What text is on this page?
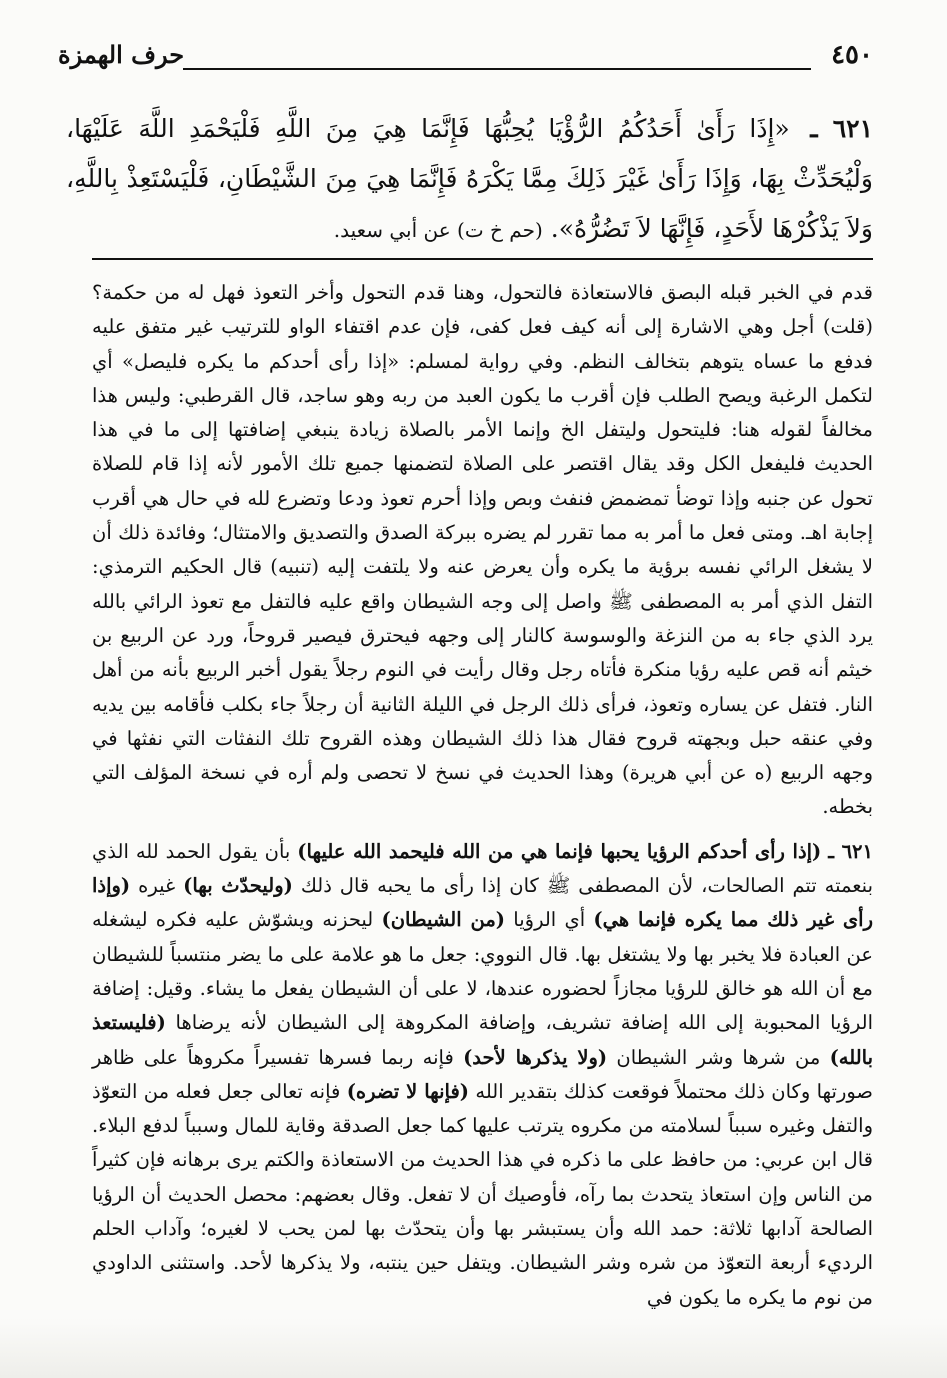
٤٥٠
حرف الهمزة
٦٢١ ـ «إِذَا رَأَىٰ أَحَدُكُمُ الرُّؤْيَا يُحِبُّهَا فَإِنَّمَا هِيَ مِنَ اللَّهِ فَلْيَحْمَدِ اللَّهَ عَلَيْهَا، وَلْيُحَدِّثْ بِهَا، وَإِذَا رَأَىٰ غَيْرَ ذَلِكَ مِمَّا يَكْرَهُ فَإِنَّمَا هِيَ مِنَ الشَّيْطَانِ، فَلْيَسْتَعِذْ بِاللَّهِ، وَلاَ يَذْكُرْهَا لأَحَدٍ، فَإِنَّهَا لاَ تَضُرُّهُ». (حم خ ت) عن أبي سعيد.

قدم في الخبر قبله البصق فالاستعاذة فالتحول، وهنا قدم التحول وأخر التعوذ فهل له من حكمة؟ (قلت) أجل وهي الاشارة إلى أنه كيف فعل كفى، فإن عدم اقتفاء الواو للترتيب غير متفق عليه فدفع ما عساه يتوهم بتخالف النظم. وفي رواية لمسلم: «إذا رأى أحدكم ما يكره فليصل» أي لتكمل الرغبة ويصح الطلب فإن أقرب ما يكون العبد من ربه وهو ساجد، قال القرطبي: وليس هذا مخالفاً لقوله هنا: فليتحول وليتفل الخ وإنما الأمر بالصلاة زيادة ينبغي إضافتها إلى ما في هذا الحديث فليفعل الكل وقد يقال اقتصر على الصلاة لتضمنها جميع تلك الأمور لأنه إذا قام للصلاة تحول عن جنبه وإذا توضأ تمضمض فنفث وبص وإذا أحرم تعوذ ودعا وتضرع لله في حال هي أقرب إجابة اهـ. ومتى فعل ما أمر به مما تقرر لم يضره ببركة الصدق والتصديق والامتثال؛ وفائدة ذلك أن لا يشغل الرائي نفسه برؤية ما يكره وأن يعرض عنه ولا يلتفت إليه (تنبيه) قال الحكيم الترمذي: التفل الذي أمر به المصطفى ﷺ واصل إلى وجه الشيطان واقع عليه فالتفل مع تعوذ الرائي بالله يرد الذي جاء به من النزغة والوسوسة كالنار إلى وجهه فيحترق فيصير قروحاً، ورد عن الربيع بن خيثم أنه قص عليه رؤيا منكرة فأتاه رجل وقال رأيت في النوم رجلاً يقول أخبر الربيع بأنه من أهل النار. فتفل عن يساره وتعوذ، فرأى ذلك الرجل في الليلة الثانية أن رجلاً جاء بكلب فأقامه بين يديه وفي عنقه حبل وبجهته قروح فقال هذا ذلك الشيطان وهذه القروح تلك النفثات التي نفثها في وجهه الربيع (ه عن أبي هريرة) وهذا الحديث في نسخ لا تحصى ولم أره في نسخة المؤلف التي بخطه.

٦٢١ ـ (إذا رأى أحدكم الرؤيا يحبها فإنما هي من الله فليحمد الله عليها) بأن يقول الحمد لله الذي بنعمته تتم الصالحات، لأن المصطفى ﷺ كان إذا رأى ما يحبه قال ذلك (وليحدّث بها) غيره (وإذا رأى غير ذلك مما يكره فإنما هي) أي الرؤيا (من الشيطان) ليحزنه ويشوّش عليه فكره ليشغله عن العبادة فلا يخبر بها ولا يشتغل بها. قال النووي: جعل ما هو علامة على ما يضر منتسباً للشيطان مع أن الله هو خالق للرؤيا مجازاً لحضوره عندها، لا على أن الشيطان يفعل ما يشاء. وقيل: إضافة الرؤيا المحبوبة إلى الله إضافة تشريف، وإضافة المكروهة إلى الشيطان لأنه يرضاها (فليستعذ بالله) من شرها وشر الشيطان (ولا يذكرها لأحد) فإنه ربما فسرها تفسيراً مكروهاً على ظاهر صورتها وكان ذلك محتملاً فوقعت كذلك بتقدير الله (فإنها لا تضره) فإنه تعالى جعل فعله من التعوّذ والتفل وغيره سبباً لسلامته من مكروه يترتب عليها كما جعل الصدقة وقاية للمال وسبباً لدفع البلاء. قال ابن عربي: من حافظ على ما ذكره في هذا الحديث من الاستعاذة والكتم يرى برهانه فإن كثيراً من الناس وإن استعاذ يتحدث بما رآه، فأوصيك أن لا تفعل. وقال بعضهم: محصل الحديث أن الرؤيا الصالحة آدابها ثلاثة: حمد الله وأن يستبشر بها وأن يتحدّث بها لمن يحب لا لغيره؛ وآداب الحلم الرديء أربعة التعوّذ من شره وشر الشيطان. ويتفل حين ينتبه، ولا يذكرها لأحد. واستثنى الداودي من نوم ما يكره ما يكون في
